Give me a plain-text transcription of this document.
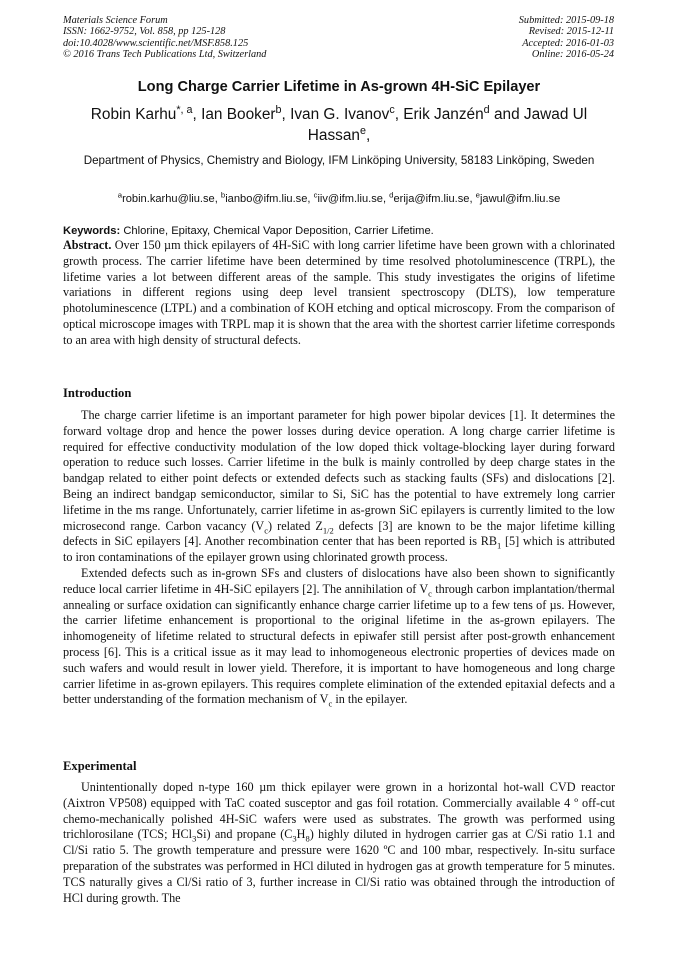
Materials Science Forum
ISSN: 1662-9752, Vol. 858, pp 125-128
doi:10.4028/www.scientific.net/MSF.858.125
© 2016 Trans Tech Publications Ltd, Switzerland
Submitted: 2015-09-18
Revised: 2015-12-11
Accepted: 2016-01-03
Online: 2016-05-24
Long Charge Carrier Lifetime in As-grown 4H-SiC Epilayer
Robin Karhu$^{*, a}$, Ian Booker$^b$, Ivan G. Ivanov$^c$, Erik Janzén$^d$ and Jawad Ul Hassan$^e$,
Department of Physics, Chemistry and Biology, IFM Linköping University, 58183 Linköping, Sweden
$^a$robin.karhu@liu.se, $^b$ianbo@ifm.liu.se, $^c$iiv@ifm.liu.se, $^d$erija@ifm.liu.se, $^e$jawul@ifm.liu.se
Keywords: Chlorine, Epitaxy, Chemical Vapor Deposition, Carrier Lifetime.

Abstract. Over 150 µm thick epilayers of 4H-SiC with long carrier lifetime have been grown with a chlorinated growth process. The carrier lifetime have been determined by time resolved photoluminescence (TRPL), the lifetime varies a lot between different areas of the sample. This study investigates the origins of lifetime variations in different regions using deep level transient spectroscopy (DLTS), low temperature photoluminescence (LTPL) and a combination of KOH etching and optical microscopy. From the comparison of optical microscope images with TRPL map it is shown that the area with the shortest carrier lifetime corresponds to an area with high density of structural defects.

Introduction

The charge carrier lifetime is an important parameter for high power bipolar devices [1]. It determines the forward voltage drop and hence the power losses during device operation. A long charge carrier lifetime is required for effective conductivity modulation of the low doped thick voltage-blocking layer during forward operation to reduce such losses. Carrier lifetime in the bulk is mainly controlled by deep charge states in the bandgap related to either point defects or extended defects such as stacking faults (SFs) and dislocations [2]. Being an indirect bandgap semiconductor, similar to Si, SiC has the potential to have extremely long carrier lifetime in the ms range. Unfortunately, carrier lifetime in as-grown SiC epilayers is currently limited to the low microsecond range. Carbon vacancy $(V_c)$ related $Z_{1/2}$ defects [3] are known to be the major lifetime killing defects in SiC epilayers [4]. Another recombination center that has been reported is $RB_1$ [5] which is attributed to iron contaminations of the epilayer grown using chlorinated growth process.

Extended defects such as in-grown SFs and clusters of dislocations have also been shown to significantly reduce local carrier lifetime in 4H-SiC epilayers [2]. The annihilation of $V_c$ through carbon implantation/thermal annealing or surface oxidation can significantly enhance charge carrier lifetime up to a few tens of µs. However, the carrier lifetime enhancement is proportional to the original lifetime in the as-grown epilayers. The inhomogeneity of lifetime related to structural defects in epiwafer still persist after post-growth enhancement process [6]. This is a critical issue as it may lead to inhomogeneous electronic properties of devices made on such wafers and would result in lower yield. Therefore, it is important to have homogeneous and long charge carrier lifetime in as-grown epilayers. This requires complete elimination of the extended epitaxial defects and a better understanding of the formation mechanism of $V_c$ in the epilayer.

Experimental

Unintentionally doped n-type 160 µm thick epilayer were grown in a horizontal hot-wall CVD reactor (Aixtron VP508) equipped with TaC coated susceptor and gas foil rotation. Commercially available 4 º off-cut chemo-mechanically polished 4H-SiC wafers were used as substrates. The growth was performed using trichlorosilane (TCS; HCl$_3$Si) and propane $(C_3H_8)$ highly diluted in hydrogen carrier gas at C/Si ratio 1.1 and Cl/Si ratio 5. The growth temperature and pressure were 1620 ºC and 100 mbar, respectively. In-situ surface preparation of the substrates was performed in HCl diluted in hydrogen gas at growth temperature for 5 minutes. TCS naturally gives a Cl/Si ratio of 3, further increase in Cl/Si ratio was obtained through the introduction of HCl during growth. The
